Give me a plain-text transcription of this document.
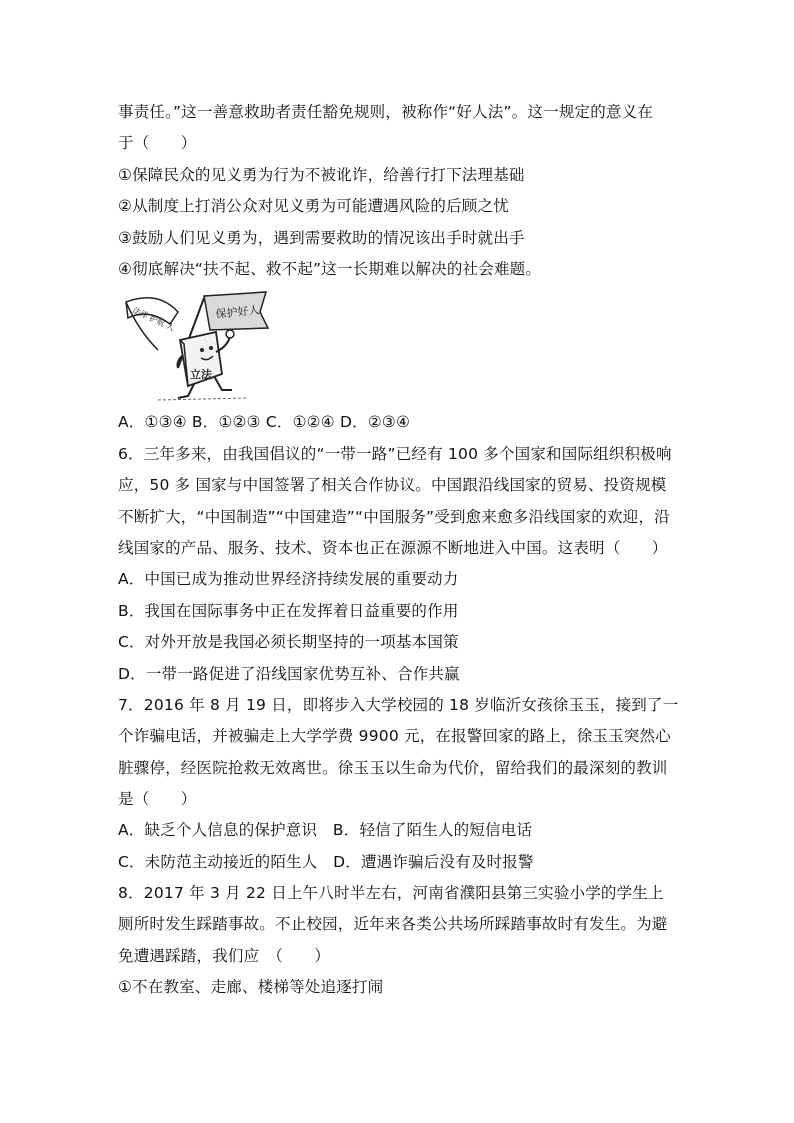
事责任。”这一善意救助者责任豁免规则，被称作“好人法”。这一规定的意义在
于（　　）
①保障民众的见义勇为行为不被讹诈，给善行打下法理基础
②从制度上打消公众对见义勇为可能遭遇风险的后顾之忧
③鼓励人们见义勇为，遇到需要救助的情况该出手时就出手
④彻底解决“扶不起、救不起”这一长期难以解决的社会难题。
保护好人
法律 护航 人
立法
A．①③④ B．①②③ C．①②④ D．②③④
6．三年多来，由我国倡议的“一带一路”已经有 100 多个国家和国际组织积极响
应，50 多 国家与中国签署了相关合作协议。中国跟沿线国家的贸易、投资规模
不断扩大，“中国制造”“中国建造”“中国服务”受到愈来愈多沿线国家的欢迎，沿
线国家的产品、服务、技术、资本也正在源源不断地进入中国。这表明（　　）
A．中国已成为推动世界经济持续发展的重要动力
B．我国在国际事务中正在发挥着日益重要的作用
C．对外开放是我国必须长期坚持的一项基本国策
D．一带一路促进了沿线国家优势互补、合作共赢
7．2016 年 8 月 19 日，即将步入大学校园的 18 岁临沂女孩徐玉玉，接到了一
个诈骗电话，并被骗走上大学学费 9900 元，在报警回家的路上，徐玉玉突然心
脏骤停，经医院抢救无效离世。徐玉玉以生命为代价，留给我们的最深刻的教训
是（　　）
A．缺乏个人信息的保护意识　B．轻信了陌生人的短信电话
C．未防范主动接近的陌生人　D．遭遇诈骗后没有及时报警
8．2017 年 3 月 22 日上午八时半左右，河南省濮阳县第三实验小学的学生上
厕所时发生踩踏事故。不止校园，近年来各类公共场所踩踏事故时有发生。为避
免遭遇踩踏，我们应　（　　）
①不在教室、走廊、楼梯等处追逐打闹
